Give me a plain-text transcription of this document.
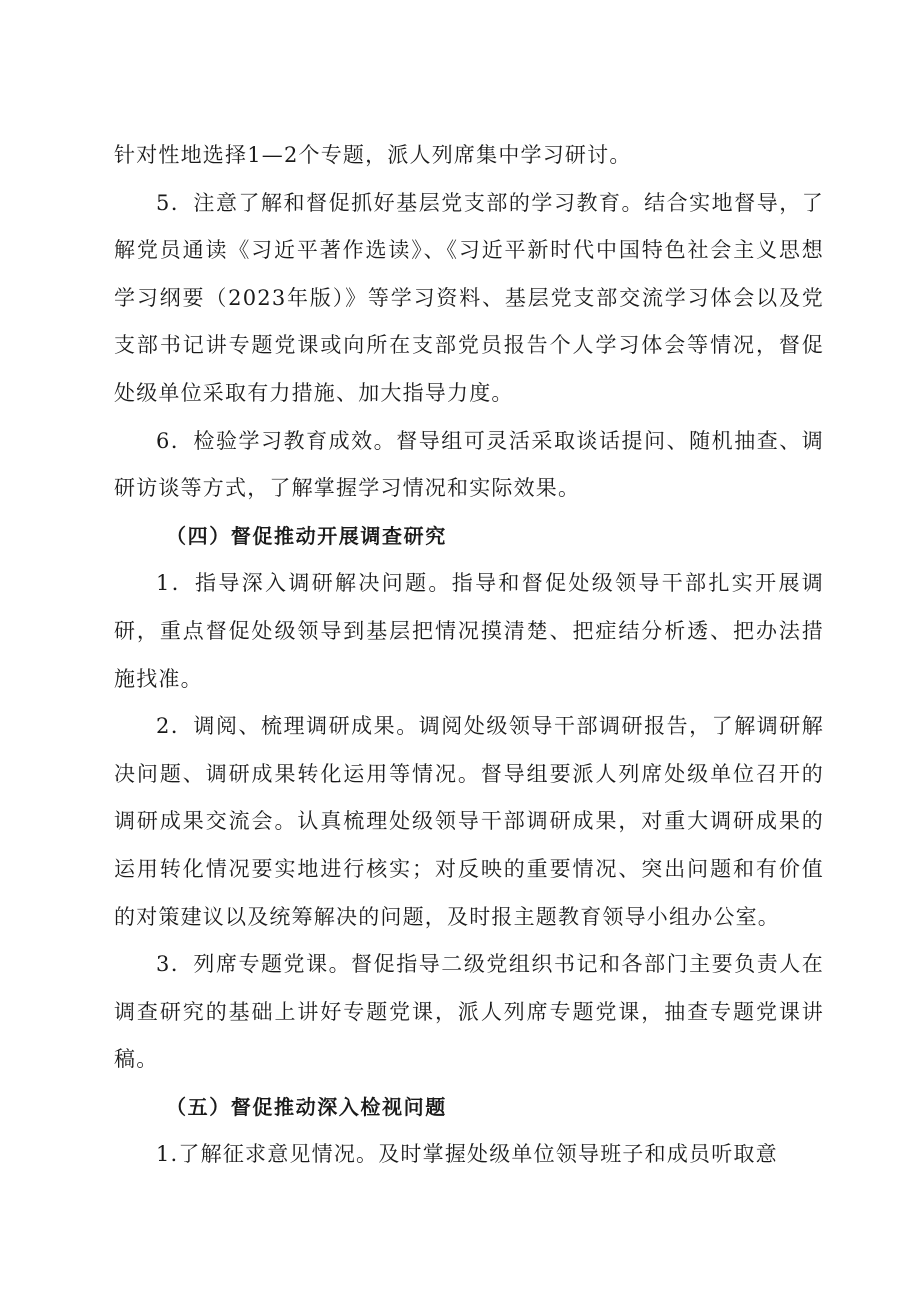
针对性地选择1—2个专题，派人列席集中学习研讨。

5．注意了解和督促抓好基层党支部的学习教育。结合实地督导，了解党员通读《习近平著作选读》、《习近平新时代中国特色社会主义思想学习纲要（2023年版）》等学习资料、基层党支部交流学习体会以及党支部书记讲专题党课或向所在支部党员报告个人学习体会等情况，督促处级单位采取有力措施、加大指导力度。

6．检验学习教育成效。督导组可灵活采取谈话提问、随机抽查、调研访谈等方式，了解掌握学习情况和实际效果。

（四）督促推动开展调查研究

1．指导深入调研解决问题。指导和督促处级领导干部扎实开展调研，重点督促处级领导到基层把情况摸清楚、把症结分析透、把办法措施找准。

2．调阅、梳理调研成果。调阅处级领导干部调研报告，了解调研解决问题、调研成果转化运用等情况。督导组要派人列席处级单位召开的调研成果交流会。认真梳理处级领导干部调研成果，对重大调研成果的运用转化情况要实地进行核实；对反映的重要情况、突出问题和有价值的对策建议以及统筹解决的问题，及时报主题教育领导小组办公室。

3．列席专题党课。督促指导二级党组织书记和各部门主要负责人在调查研究的基础上讲好专题党课，派人列席专题党课，抽查专题党课讲稿。

（五）督促推动深入检视问题

1.了解征求意见情况。及时掌握处级单位领导班子和成员听取意
